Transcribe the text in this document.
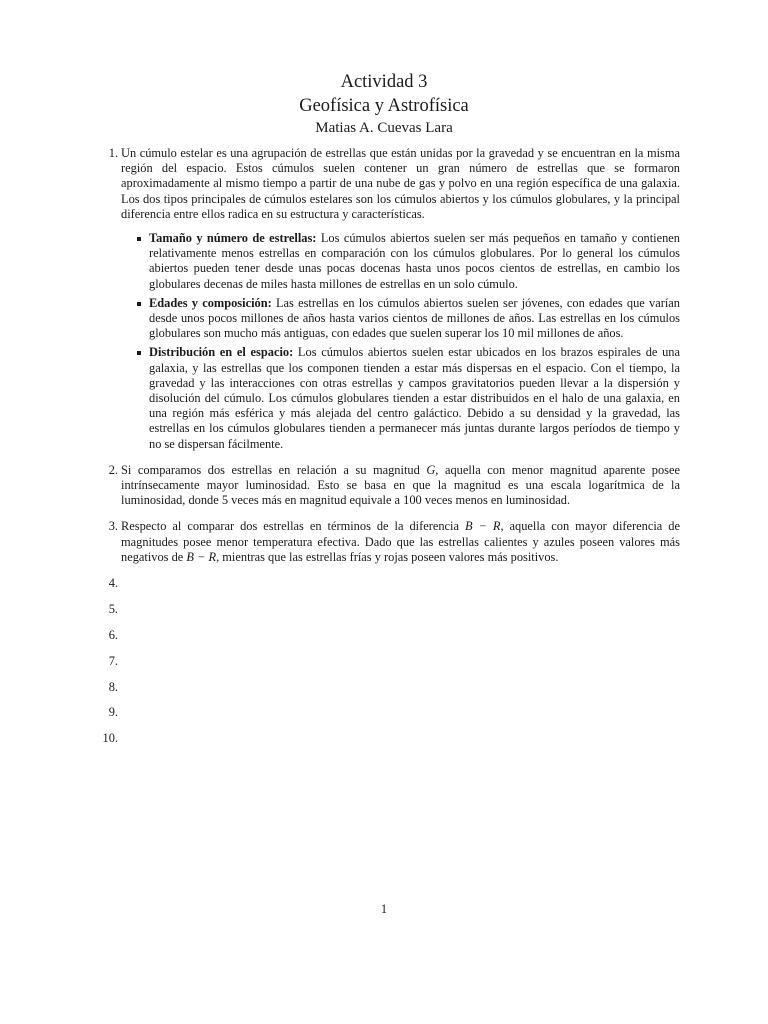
Actividad 3
Geofísica y Astrofísica
Matias A. Cuevas Lara
1. Un cúmulo estelar es una agrupación de estrellas que están unidas por la gravedad y se encuentran en la misma región del espacio. Estos cúmulos suelen contener un gran número de estrellas que se formaron aproximadamente al mismo tiempo a partir de una nube de gas y polvo en una región específica de una galaxia. Los dos tipos principales de cúmulos estelares son los cúmulos abiertos y los cúmulos globulares, y la principal diferencia entre ellos radica en su estructura y características.
Tamaño y número de estrellas: Los cúmulos abiertos suelen ser más pequeños en tamaño y contienen relativamente menos estrellas en comparación con los cúmulos globulares. Por lo general los cúmulos abiertos pueden tener desde unas pocas docenas hasta unos pocos cientos de estrellas, en cambio los globulares decenas de miles hasta millones de estrellas en un solo cúmulo.
Edades y composición: Las estrellas en los cúmulos abiertos suelen ser jóvenes, con edades que varían desde unos pocos millones de años hasta varios cientos de millones de años. Las estrellas en los cúmulos globulares son mucho más antiguas, con edades que suelen superar los 10 mil millones de años.
Distribución en el espacio: Los cúmulos abiertos suelen estar ubicados en los brazos espirales de una galaxia, y las estrellas que los componen tienden a estar más dispersas en el espacio. Con el tiempo, la gravedad y las interacciones con otras estrellas y campos gravitatorios pueden llevar a la dispersión y disolución del cúmulo. Los cúmulos globulares tienden a estar distribuidos en el halo de una galaxia, en una región más esférica y más alejada del centro galáctico. Debido a su densidad y la gravedad, las estrellas en los cúmulos globulares tienden a permanecer más juntas durante largos períodos de tiempo y no se dispersan fácilmente.
2. Si comparamos dos estrellas en relación a su magnitud G, aquella con menor magnitud aparente posee intrínsecamente mayor luminosidad. Esto se basa en que la magnitud es una escala logarítmica de la luminosidad, donde 5 veces más en magnitud equivale a 100 veces menos en luminosidad.
3. Respecto al comparar dos estrellas en términos de la diferencia B − R, aquella con mayor diferencia de magnitudes posee menor temperatura efectiva. Dado que las estrellas calientes y azules poseen valores más negativos de B − R, mientras que las estrellas frías y rojas poseen valores más positivos.
4.
5.
6.
7.
8.
9.
10.
1
